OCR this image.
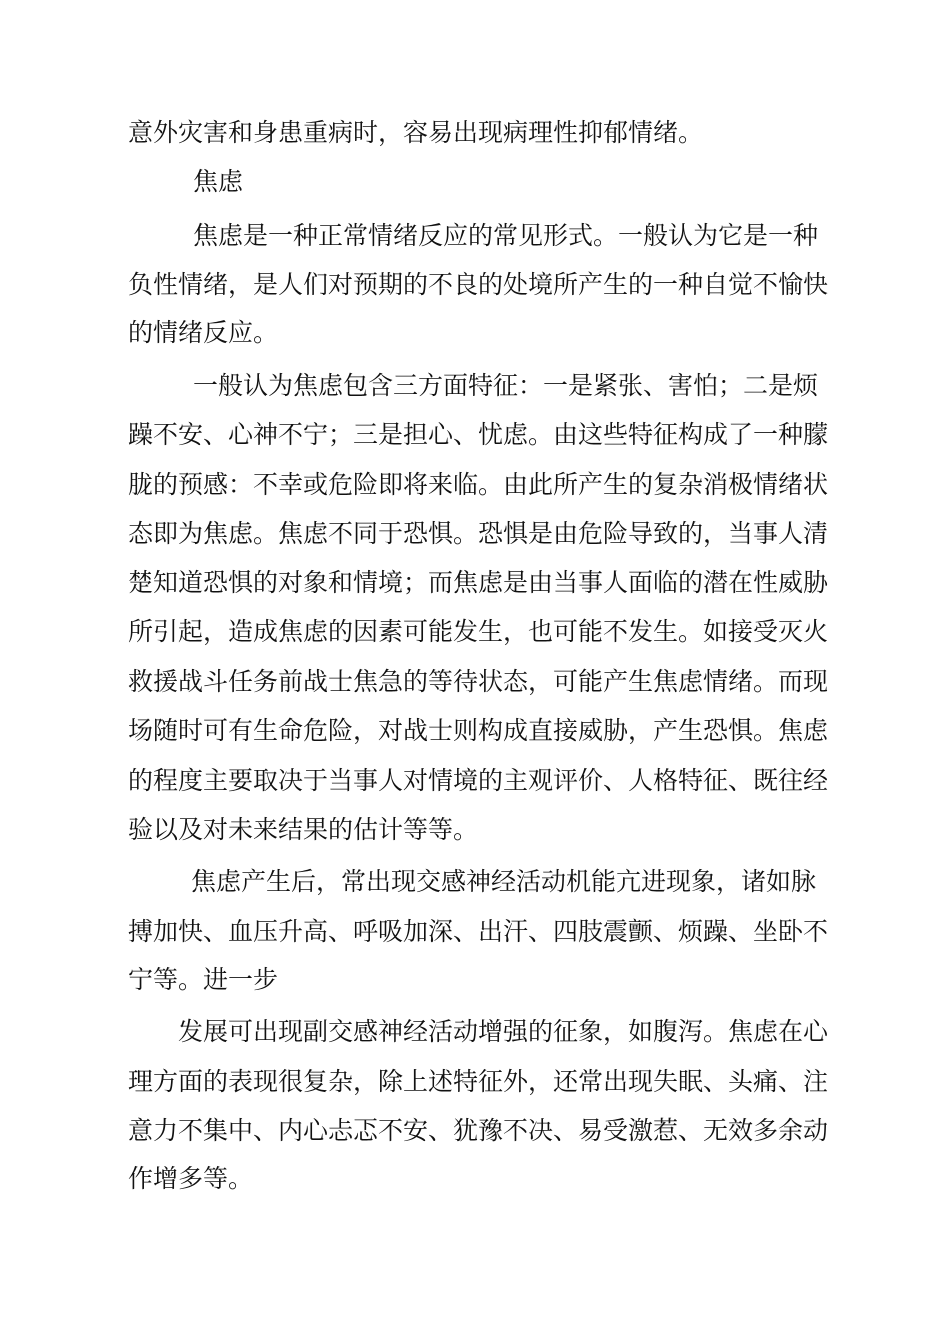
意外灾害和身患重病时，容易出现病理性抑郁情绪。
焦虑
焦虑是一种正常情绪反应的常见形式。一般认为它是一种
负性情绪，是人们对预期的不良的处境所产生的一种自觉不愉快
的情绪反应。
一般认为焦虑包含三方面特征：一是紧张、害怕；二是烦
躁不安、心神不宁；三是担心、忧虑。由这些特征构成了一种朦
胧的预感：不幸或危险即将来临。由此所产生的复杂消极情绪状
态即为焦虑。焦虑不同于恐惧。恐惧是由危险导致的，当事人清
楚知道恐惧的对象和情境；而焦虑是由当事人面临的潜在性威胁
所引起，造成焦虑的因素可能发生，也可能不发生。如接受灭火
救援战斗任务前战士焦急的等待状态，可能产生焦虑情绪。而现
场随时可有生命危险，对战士则构成直接威胁，产生恐惧。焦虑
的程度主要取决于当事人对情境的主观评价、人格特征、既往经
验以及对未来结果的估计等等。
焦虑产生后，常出现交感神经活动机能亢进现象，诸如脉
搏加快、血压升高、呼吸加深、出汗、四肢震颤、烦躁、坐卧不
宁等。进一步
发展可出现副交感神经活动增强的征象，如腹泻。焦虑在心
理方面的表现很复杂，除上述特征外，还常出现失眠、头痛、注
意力不集中、内心忐忑不安、犹豫不决、易受激惹、无效多余动
作增多等。
